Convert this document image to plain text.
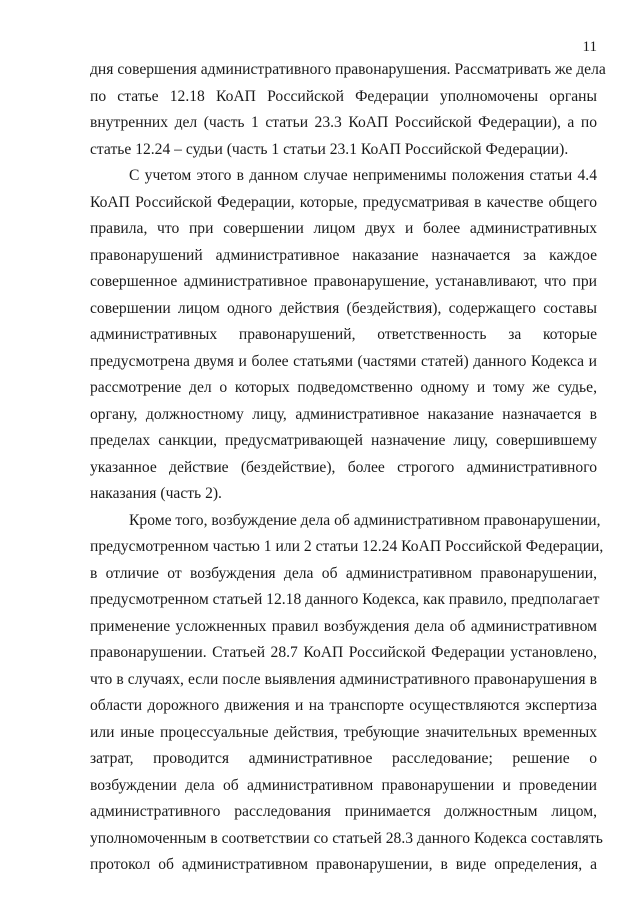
11
дня совершения административного правонарушения. Рассматривать же дела
по статье 12.18 КоАП Российской Федерации уполномочены органы
внутренних дел (часть 1 статьи 23.3 КоАП Российской Федерации), а по
статье 12.24 – судьи (часть 1 статьи 23.1 КоАП Российской Федерации).
С учетом этого в данном случае неприменимы положения статьи 4.4
КоАП Российской Федерации, которые, предусматривая в качестве общего
правила, что при совершении лицом двух и более административных
правонарушений административное наказание назначается за каждое
совершенное административное правонарушение, устанавливают, что при
совершении лицом одного действия (бездействия), содержащего составы
административных правонарушений, ответственность за которые
предусмотрена двумя и более статьями (частями статей) данного Кодекса и
рассмотрение дел о которых подведомственно одному и тому же судье,
органу, должностному лицу, административное наказание назначается в
пределах санкции, предусматривающей назначение лицу, совершившему
указанное действие (бездействие), более строгого административного
наказания (часть 2).
Кроме того, возбуждение дела об административном правонарушении,
предусмотренном частью 1 или 2 статьи 12.24 КоАП Российской Федерации,
в отличие от возбуждения дела об административном правонарушении,
предусмотренном статьей 12.18 данного Кодекса, как правило, предполагает
применение усложненных правил возбуждения дела об административном
правонарушении. Статьей 28.7 КоАП Российской Федерации установлено,
что в случаях, если после выявления административного правонарушения в
области дорожного движения и на транспорте осуществляются экспертиза
или иные процессуальные действия, требующие значительных временных
затрат, проводится административное расследование; решение о
возбуждении дела об административном правонарушении и проведении
административного расследования принимается должностным лицом,
уполномоченным в соответствии со статьей 28.3 данного Кодекса составлять
протокол об административном правонарушении, в виде определения, а
